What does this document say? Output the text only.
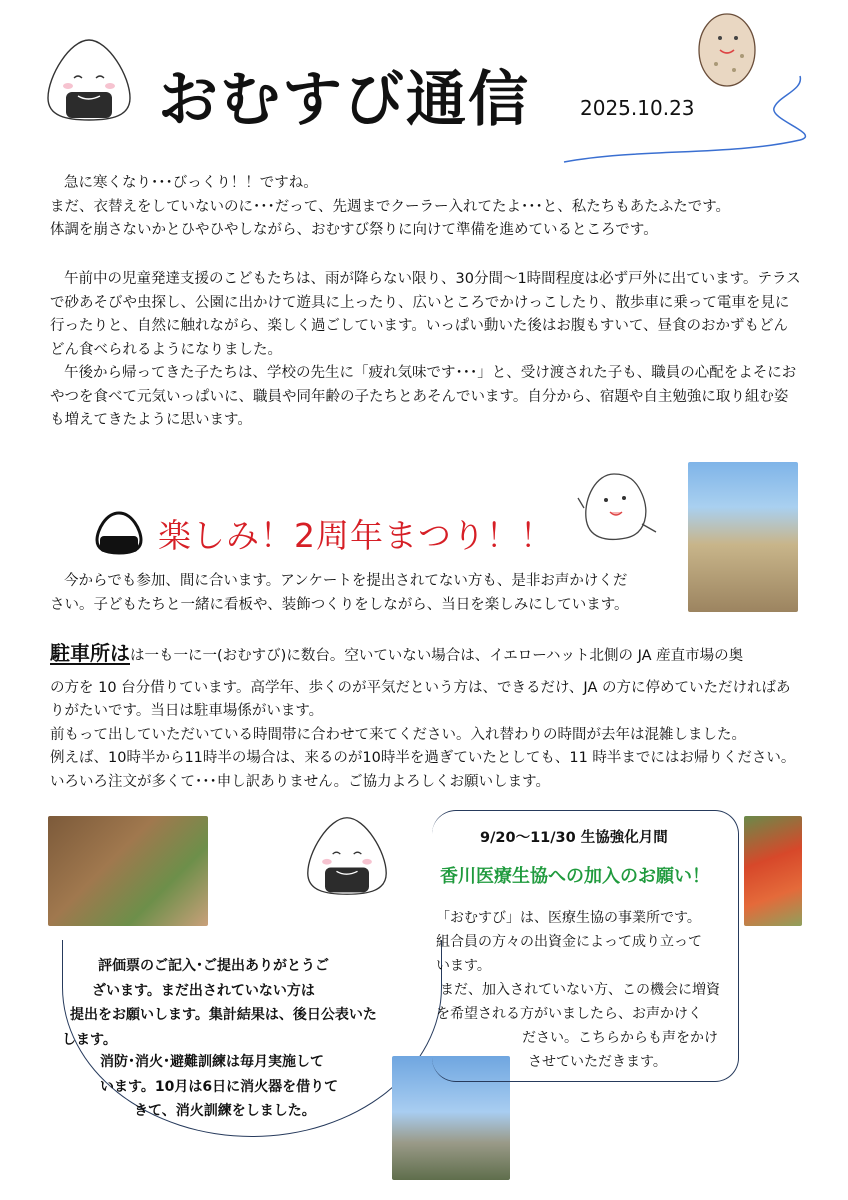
おむすび通信	2025.10.23

急に寒くなり･･･びっくり！！ですね。

まだ、衣替えをしていないのに･･･だって、先週までクーラー入れてたよ･･･と、私たちもあたふたです。

体調を崩さないかとひやひやしながら、おむすび祭りに向けて準備を進めているところです。

午前中の児童発達支援のこどもたちは、雨が降らない限り、30分間～1時間程度は必ず戸外に出ています。テラスで砂あそびや虫探し、公園に出かけて遊具に上ったり、広いところでかけっこしたり、散歩車に乗って電車を見に行ったりと、自然に触れながら、楽しく過ごしています。いっぱい動いた後はお腹もすいて、昼食のおかずもどんどん食べられるようになりました。

午後から帰ってきた子たちは、学校の先生に「疲れ気味です･･･」と、受け渡された子も、職員の心配をよそにおやつを食べて元気いっぱいに、職員や同年齢の子たちとあそんでいます。自分から、宿題や自主勉強に取り組む姿も増えてきたように思います。

楽しみ！2周年まつり！！

今からでも参加、間に合います。アンケートを提出されてない方も、是非お声かけください。子どもたちと一緒に看板や、装飾つくりをしながら、当日を楽しみにしています。

駐車所はは一も一に一(おむすび)に数台。空いていない場合は、イエローハット北側の JA 産直市場の奥

の方を 10 台分借りています。高学年、歩くのが平気だという方は、できるだけ、JA の方に停めていただければありがたいです。当日は駐車場係がいます。

前もって出していただいている時間帯に合わせて来てください。入れ替わりの時間が去年は混雑しました。

例えば、10時半から11時半の場合は、来るのが10時半を過ぎていたとしても、11 時半までにはお帰りください。いろいろ注文が多くて･･･申し訳ありません。ご協力よろしくお願いします。

評価票のご記入･ご提出ありがとうご
ざいます。まだ出されていない方は
提出をお願いします。集計結果は、後日公表いた
します。
消防･消火･避難訓練は毎月実施して
います。10月は6日に消火器を借りて
きて、消火訓練をしました。
9/20～11/30 生協強化月間
香川医療生協への加入のお願い！
「おむすび」は、医療生協の事業所です。
組合員の方々の出資金によって成り立って
います。
まだ、加入されていない方、この機会に増資
を希望される方がいましたら、お声かけく
ださい。こちらからも声をかけ
させていただきます。
